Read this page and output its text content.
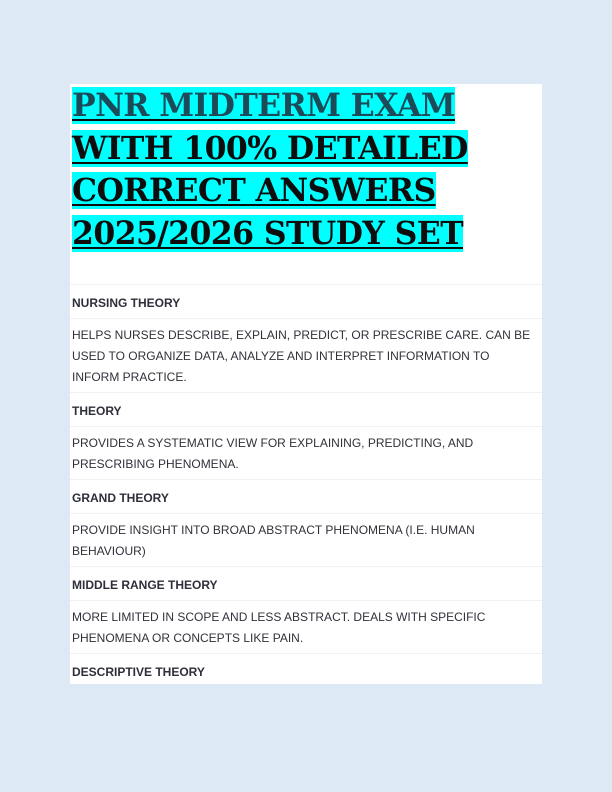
PNR MIDTERM EXAM WITH 100% DETAILED CORRECT ANSWERS 2025/2026 STUDY SET
NURSING THEORY
HELPS NURSES DESCRIBE, EXPLAIN, PREDICT, OR PRESCRIBE CARE. CAN BE USED TO ORGANIZE DATA, ANALYZE AND INTERPRET INFORMATION TO INFORM PRACTICE.
THEORY
PROVIDES A SYSTEMATIC VIEW FOR EXPLAINING, PREDICTING, AND PRESCRIBING PHENOMENA.
GRAND THEORY
PROVIDE INSIGHT INTO BROAD ABSTRACT PHENOMENA (I.E. HUMAN BEHAVIOUR)
MIDDLE RANGE THEORY
MORE LIMITED IN SCOPE AND LESS ABSTRACT. DEALS WITH SPECIFIC PHENOMENA OR CONCEPTS LIKE PAIN.
DESCRIPTIVE THEORY
